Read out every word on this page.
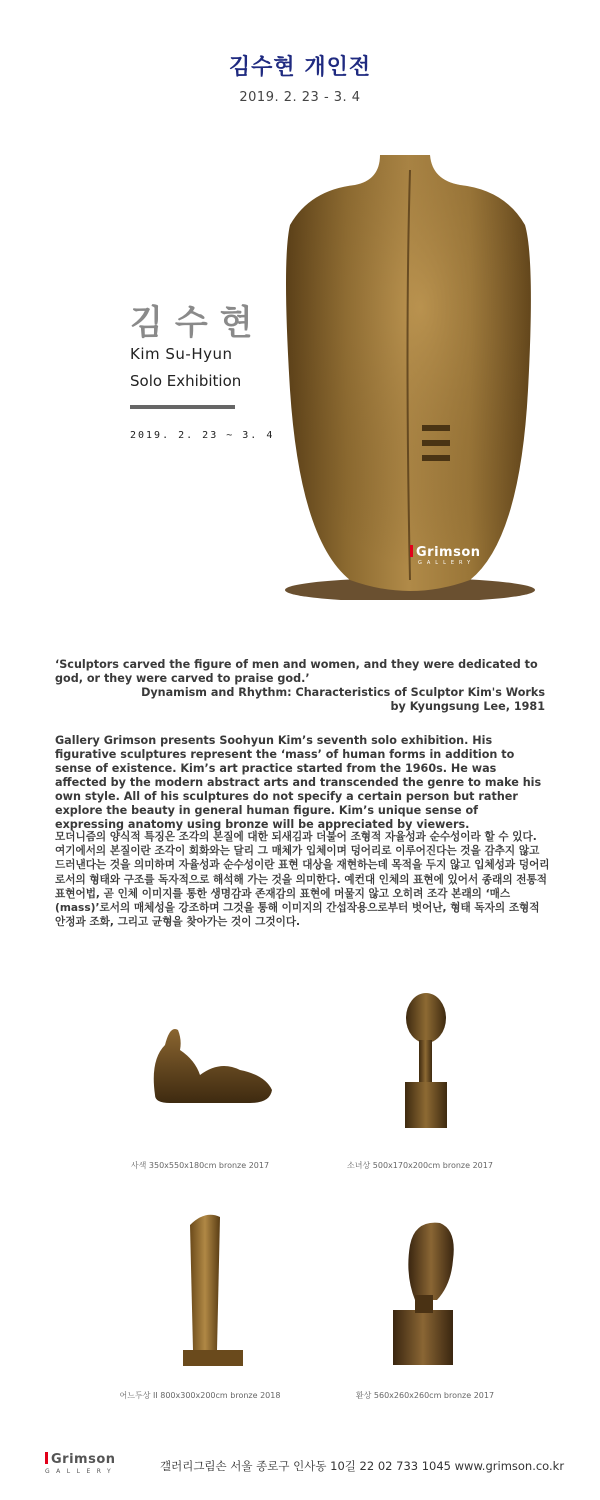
김수현 개인전
2019. 2. 23 - 3. 4
김수현
Kim Su-Hyun
Solo Exhibition
2019. 2. 23 ~ 3. 4
Grimson
GALLERY
‘Sculptors carved the figure of men and women, and they were dedicated to god, or they were carved to praise god.’
Dynamism and Rhythm: Characteristics of Sculptor Kim's Works
by Kyungsung Lee, 1981
Gallery Grimson presents Soohyun Kim’s seventh solo exhibition. His figurative sculptures represent the ‘mass’ of human forms in addition to sense of existence. Kim’s art practice started from the 1960s. He was affected by the modern abstract arts and transcended the genre to make his own style. All of his sculptures do not specify a certain person but rather explore the beauty in general human figure. Kim’s unique sense of expressing anatomy using bronze will be appreciated by viewers.
모더니즘의 양식적 특징은 조각의 본질에 대한 되새김과 더불어 조형적 자율성과 순수성이라 할 수 있다. 여기에서의 본질이란 조각이 회화와는 달리 그 매체가 입체이며 덩어리로 이루어진다는 것을 감추지 않고 드러낸다는 것을 의미하며 자율성과 순수성이란 표현 대상을 재현하는데 목적을 두지 않고 입체성과 덩어리로서의 형태와 구조를 독자적으로 해석해 가는 것을 의미한다. 예컨대 인체의 표현에 있어서 종래의 전통적 표현어법, 곧 인체 이미지를 통한 생명감과 존재감의 표현에 머물지 않고 오히려 조각 본래의 ‘매스(mass)’로서의 매체성을 강조하며 그것을 통해 이미지의 간섭작용으로부터 벗어난, 형태 독자의 조형적 안정과 조화, 그리고 균형을 찾아가는 것이 그것이다.
사색 350x550x180cm bronze 2017	소녀상 500x170x200cm bronze 2017
어느두상 II 800x300x200cm bronze 2018	환상 560x260x260cm bronze 2017
Grimson
GALLERY	갤러리그림손 서울 종로구 인사동 10길 22 02 733 1045 www.grimson.co.kr
